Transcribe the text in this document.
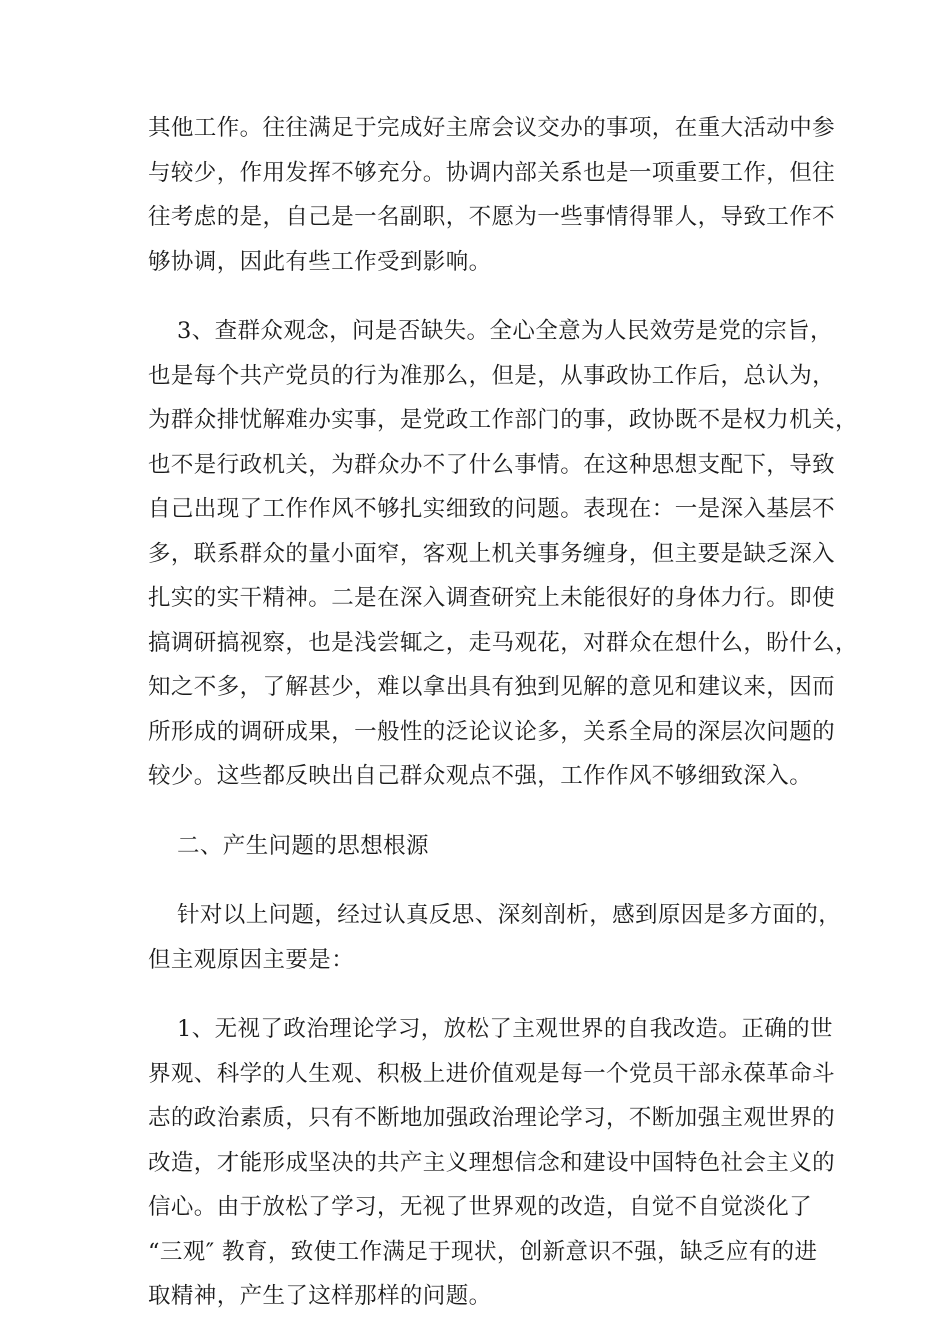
其他工作。往往满足于完成好主席会议交办的事项，在重大活动中参

与较少，作用发挥不够充分。协调内部关系也是一项重要工作，但往

往考虑的是，自己是一名副职，不愿为一些事情得罪人，导致工作不

够协调，因此有些工作受到影响。

3、查群众观念，问是否缺失。全心全意为人民效劳是党的宗旨，

也是每个共产党员的行为准那么，但是，从事政协工作后，总认为，

为群众排忧解难办实事，是党政工作部门的事，政协既不是权力机关，

也不是行政机关，为群众办不了什么事情。在这种思想支配下，导致

自己出现了工作作风不够扎实细致的问题。表现在：一是深入基层不

多，联系群众的量小面窄，客观上机关事务缠身，但主要是缺乏深入

扎实的实干精神。二是在深入调查研究上未能很好的身体力行。即使

搞调研搞视察，也是浅尝辄之，走马观花，对群众在想什么，盼什么，

知之不多，了解甚少，难以拿出具有独到见解的意见和建议来，因而

所形成的调研成果，一般性的泛论议论多，关系全局的深层次问题的

较少。这些都反映出自己群众观点不强，工作作风不够细致深入。

二、产生问题的思想根源

针对以上问题，经过认真反思、深刻剖析，感到原因是多方面的，

但主观原因主要是：

1、无视了政治理论学习，放松了主观世界的自我改造。正确的世

界观、科学的人生观、积极上进价值观是每一个党员干部永葆革命斗

志的政治素质，只有不断地加强政治理论学习，不断加强主观世界的

改造，才能形成坚决的共产主义理想信念和建设中国特色社会主义的

信心。由于放松了学习，无视了世界观的改造，自觉不自觉淡化了

“三观″ 教育，致使工作满足于现状，创新意识不强，缺乏应有的进

取精神，产生了这样那样的问题。
